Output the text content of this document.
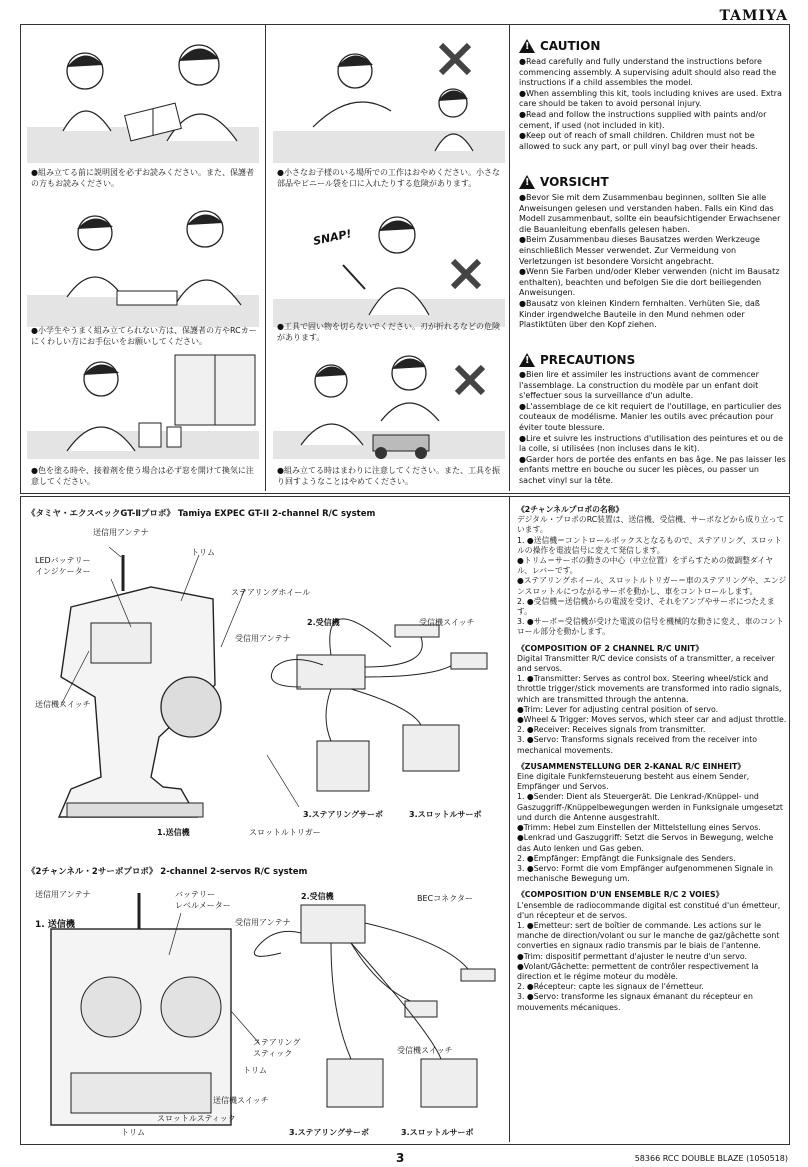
TAMIYA
●組み立てる前に説明図を必ずお読みください。また、保護者の方もお読みください。
●小さなお子様のいる場所での工作はおやめください。小さな部品やビニール袋を口に入れたりする危険があります。
●小学生やうまく組み立てられない方は、保護者の方やRCカーにくわしい方にお手伝いをお願いしてください。
SNAP!
●工具で固い物を切らないでください。刃が折れるなどの危険があります。
●色を塗る時や、接着剤を使う場合は必ず窓を開けて換気に注意してください。
●組み立てる時はまわりに注意してください。また、工具を振り回すようなことはやめてください。
!
CAUTION

●Read carefully and fully understand the instructions before commencing assembly. A supervising adult should also read the instructions if a child assembles the model.

●When assembling this kit, tools including knives are used. Extra care should be taken to avoid personal injury.

●Read and follow the instructions supplied with paints and/or cement, if used (not included in kit).

●Keep out of reach of small children. Children must not be allowed to suck any part, or pull vinyl bag over their heads.

!
VORSICHT

●Bevor Sie mit dem Zusammenbau beginnen, sollten Sie alle Anweisungen gelesen und verstanden haben. Falls ein Kind das Modell zusammenbaut, sollte ein beaufsichtigender Erwachsener die Bauanleitung ebenfalls gelesen haben.

●Beim Zusammenbau dieses Bausatzes werden Werkzeuge einschließlich Messer verwendet. Zur Vermeidung von Verletzungen ist besondere Vorsicht angebracht.

●Wenn Sie Farben und/oder Kleber verwenden (nicht im Bausatz enthalten), beachten und befolgen Sie die dort beiliegenden Anweisungen.

●Bausatz von kleinen Kindern fernhalten. Verhüten Sie, daß Kinder irgendwelche Bauteile in den Mund nehmen oder Plastiktüten über den Kopf ziehen.

!
PRECAUTIONS

●Bien lire et assimiler les instructions avant de commencer l'assemblage. La construction du modèle par un enfant doit s'effectuer sous la surveillance d'un adulte.

●L'assemblage de ce kit requiert de l'outillage, en particulier des couteaux de modélisme. Manier les outils avec précaution pour éviter toute blessure.

●Lire et suivre les instructions d'utilisation des peintures et ou de la colle, si utilisées (non incluses dans le kit).

●Garder hors de portée des enfants en bas âge. Ne pas laisser les enfants mettre en bouche ou sucer les pièces, ou passer un sachet vinyl sur la tête.

《タミヤ・エクスペックGT-Ⅱプロポ》 Tamiya EXPEC GT-II 2-channel R/C system
送信用アンテナ
LEDバッテリー
インジケーター
トリム
ステアリングホイール
2.受信機	受信機スイッチ
受信用アンテナ
送信機スイッチ
1.送信機	スロットルトリガー
3.ステアリングサーボ	3.スロットルサーボ
《2チャンネル・2サーボプロポ》 2-channel 2-servos R/C system
送信用アンテナ
1. 送信機
バッテリー
レベルメーター
2.受信機
受信用アンテナ
BECコネクター
ステアリング
スティック
トリム
受信機スイッチ
送信機スイッチ
スロットルスティック
トリム	3.ステアリングサーボ	3.スロットルサーボ

《2チャンネルプロポの名称》

デジタル・プロポのRC装置は、送信機、受信機、サーボなどから成り立っています。

1. ●送信機＝コントロールボックスとなるもので、ステアリング、スロットルの操作を電波信号に変えて発信します。

●トリム＝サーボの動きの中心（中立位置）をずらすための微調整ダイヤル、レバーです。

●ステアリングホイール、スロットルトリガー＝車のステアリングや、エンジンスロットルにつながるサーボを動かし、車をコントロールします。

2. ●受信機＝送信機からの電波を受け、それをアンプやサーボにつたえます。

3. ●サーボ＝受信機が受けた電波の信号を機械的な動きに変え、車のコントロール部分を動かします。

《COMPOSITION OF 2 CHANNEL R/C UNIT》

Digital Transmitter R/C device consists of a transmitter, a receiver and servos.

1. ●Transmitter: Serves as control box. Steering wheel/stick and throttle trigger/stick movements are transformed into radio signals, which are transmitted through the antenna.

●Trim: Lever for adjusting central position of servo.

●Wheel & Trigger: Moves servos, which steer car and adjust throttle.

2. ●Receiver: Receives signals from transmitter.

3. ●Servo: Transforms signals received from the receiver into mechanical movements.

《ZUSAMMENSTELLUNG DER 2-KANAL R/C EINHEIT》

Eine digitale Funkfernsteuerung besteht aus einem Sender, Empfänger und Servos.

1. ●Sender: Dient als Steuergerät. Die Lenkrad-/Knüppel- und Gaszuggriff-/Knüppelbewegungen werden in Funksignale umgesetzt und durch die Antenne ausgestrahlt.

●Trimm: Hebel zum Einstellen der Mittelstellung eines Servos.

●Lenkrad und Gaszuggriff: Setzt die Servos in Bewegung, welche das Auto lenken und Gas geben.

2. ●Empfänger: Empfängt die Funksignale des Senders.

3. ●Servo: Formt die vom Empfänger aufgenommenen Signale in mechanische Bewegung um.

《COMPOSITION D'UN ENSEMBLE R/C 2 VOIES》

L'ensemble de radiocommande digital est constitué d'un émetteur, d'un récepteur et de servos.

1. ●Emetteur: sert de boîtier de commande. Les actions sur le manche de direction/volant ou sur le manche de gaz/gâchette sont converties en signaux radio transmis par le biais de l'antenne.

●Trim: dispositif permettant d'ajuster le neutre d'un servo.

●Volant/Gâchette: permettent de contrôler respectivement la direction et le régime moteur du modèle.

2. ●Récepteur: capte les signaux de l'émetteur.

3. ●Servo: transforme les signaux émanant du récepteur en mouvements mécaniques.

3	58366 RCC DOUBLE BLAZE (1050518)
